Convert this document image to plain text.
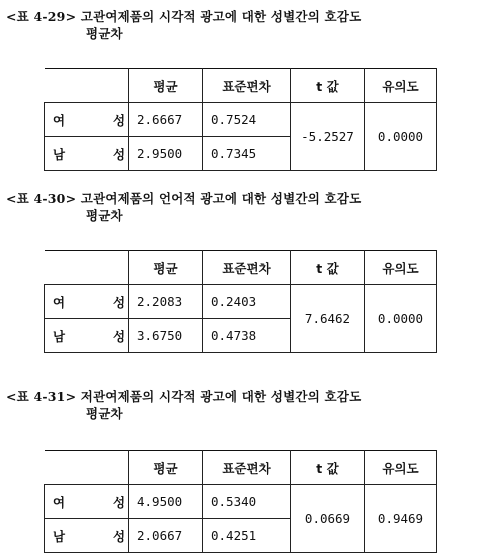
<표 4-29> 고관여제품의 시각적 광고에 대한 성별간의 호감도
평균차
	평균	표준편차	t 값	유의도
여 성	2.6667	0.7524	-5.2527	0.0000
남 성	2.9500	0.7345		
<표 4-30> 고관여제품의 언어적 광고에 대한 성별간의 호감도
평균차
	평균	표준편차	t 값	유의도
여 성	2.2083	0.2403	7.6462	0.0000
남 성	3.6750	0.4738		
<표 4-31> 저관여제품의 시각적 광고에 대한 성별간의 호감도
평균차
	평균	표준편차	t 값	유의도
여 성	4.9500	0.5340	0.0669	0.9469
남 성	2.0667	0.4251		
